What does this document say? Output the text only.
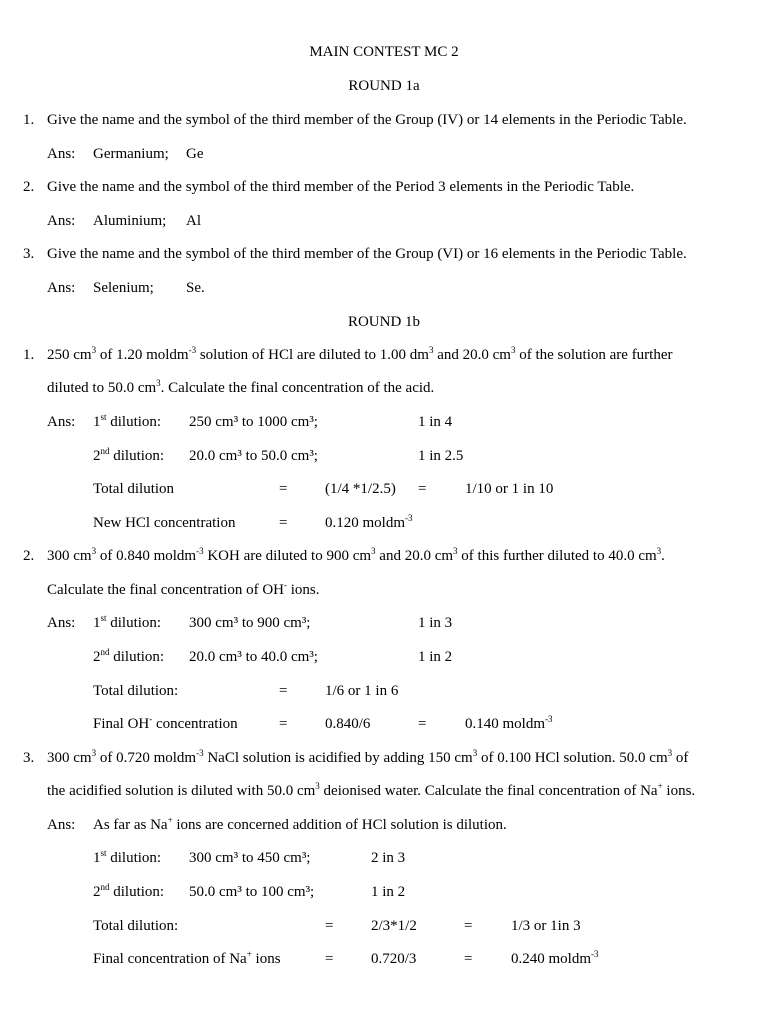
MAIN CONTEST MC 2
ROUND 1a
1. Give the name and the symbol of the third member of the Group (IV) or 14 elements in the Periodic Table.
Ans: Germanium; Ge
2. Give the name and the symbol of the third member of the Period 3 elements in the Periodic Table.
Ans: Aluminium; Al
3. Give the name and the symbol of the third member of the Group (VI) or 16 elements in the Periodic Table.
Ans: Selenium; Se.
ROUND 1b
1. 250 $cm^3$ of 1.20 moldm$^{-3}$ solution of HCl are diluted to 1.00 $dm^3$ and 20.0 $cm^3$ of the solution are further
diluted to 50.0 $cm^3$. Calculate the final concentration of the acid.
Ans: 1st dilution: 250 cm³ to 1000 cm³;	1 in 4
2nd dilution: 20.0 cm³ to 50.0 cm³;	1 in 2.5
Total dilution	=	(1/4 *1/2.5) =	1/10 or 1 in 10
New HCl concentration	=	0.120 moldm$^{-3}$
2. 300 $cm^3$ of 0.840 moldm$^{-3}$ KOH are diluted to 900 $cm^3$ and 20.0 $cm^3$ of this further diluted to 40.0 $cm^3$.
Calculate the final concentration of OH- ions.
Ans: 1st dilution: 300 cm³ to 900 cm³;	1 in 3
2nd dilution: 20.0 cm³ to 40.0 cm³;	1 in 2
Total dilution:	=	1/6 or 1 in 6
Final OH- concentration	=	0.840/6	=	0.140 moldm$^{-3}$
3. 300 $cm^3$ of 0.720 moldm$^{-3}$ NaCl solution is acidified by adding 150 $cm^3$ of 0.100 HCl solution. 50.0 $cm^3$ of
the acidified solution is diluted with 50.0 $cm^3$ deionised water. Calculate the final concentration of Na+ ions.
Ans: As far as Na+ ions are concerned addition of HCl solution is dilution.
1st dilution: 300 cm³ to 450 cm³;	2 in 3
2nd dilution: 50.0 cm³ to 100 cm³;	1 in 2
Total dilution:	=	2/3*1/2	=	1/3 or 1in 3
Final concentration of Na+ ions	=	0.720/3	=	0.240 moldm$^{-3}$
